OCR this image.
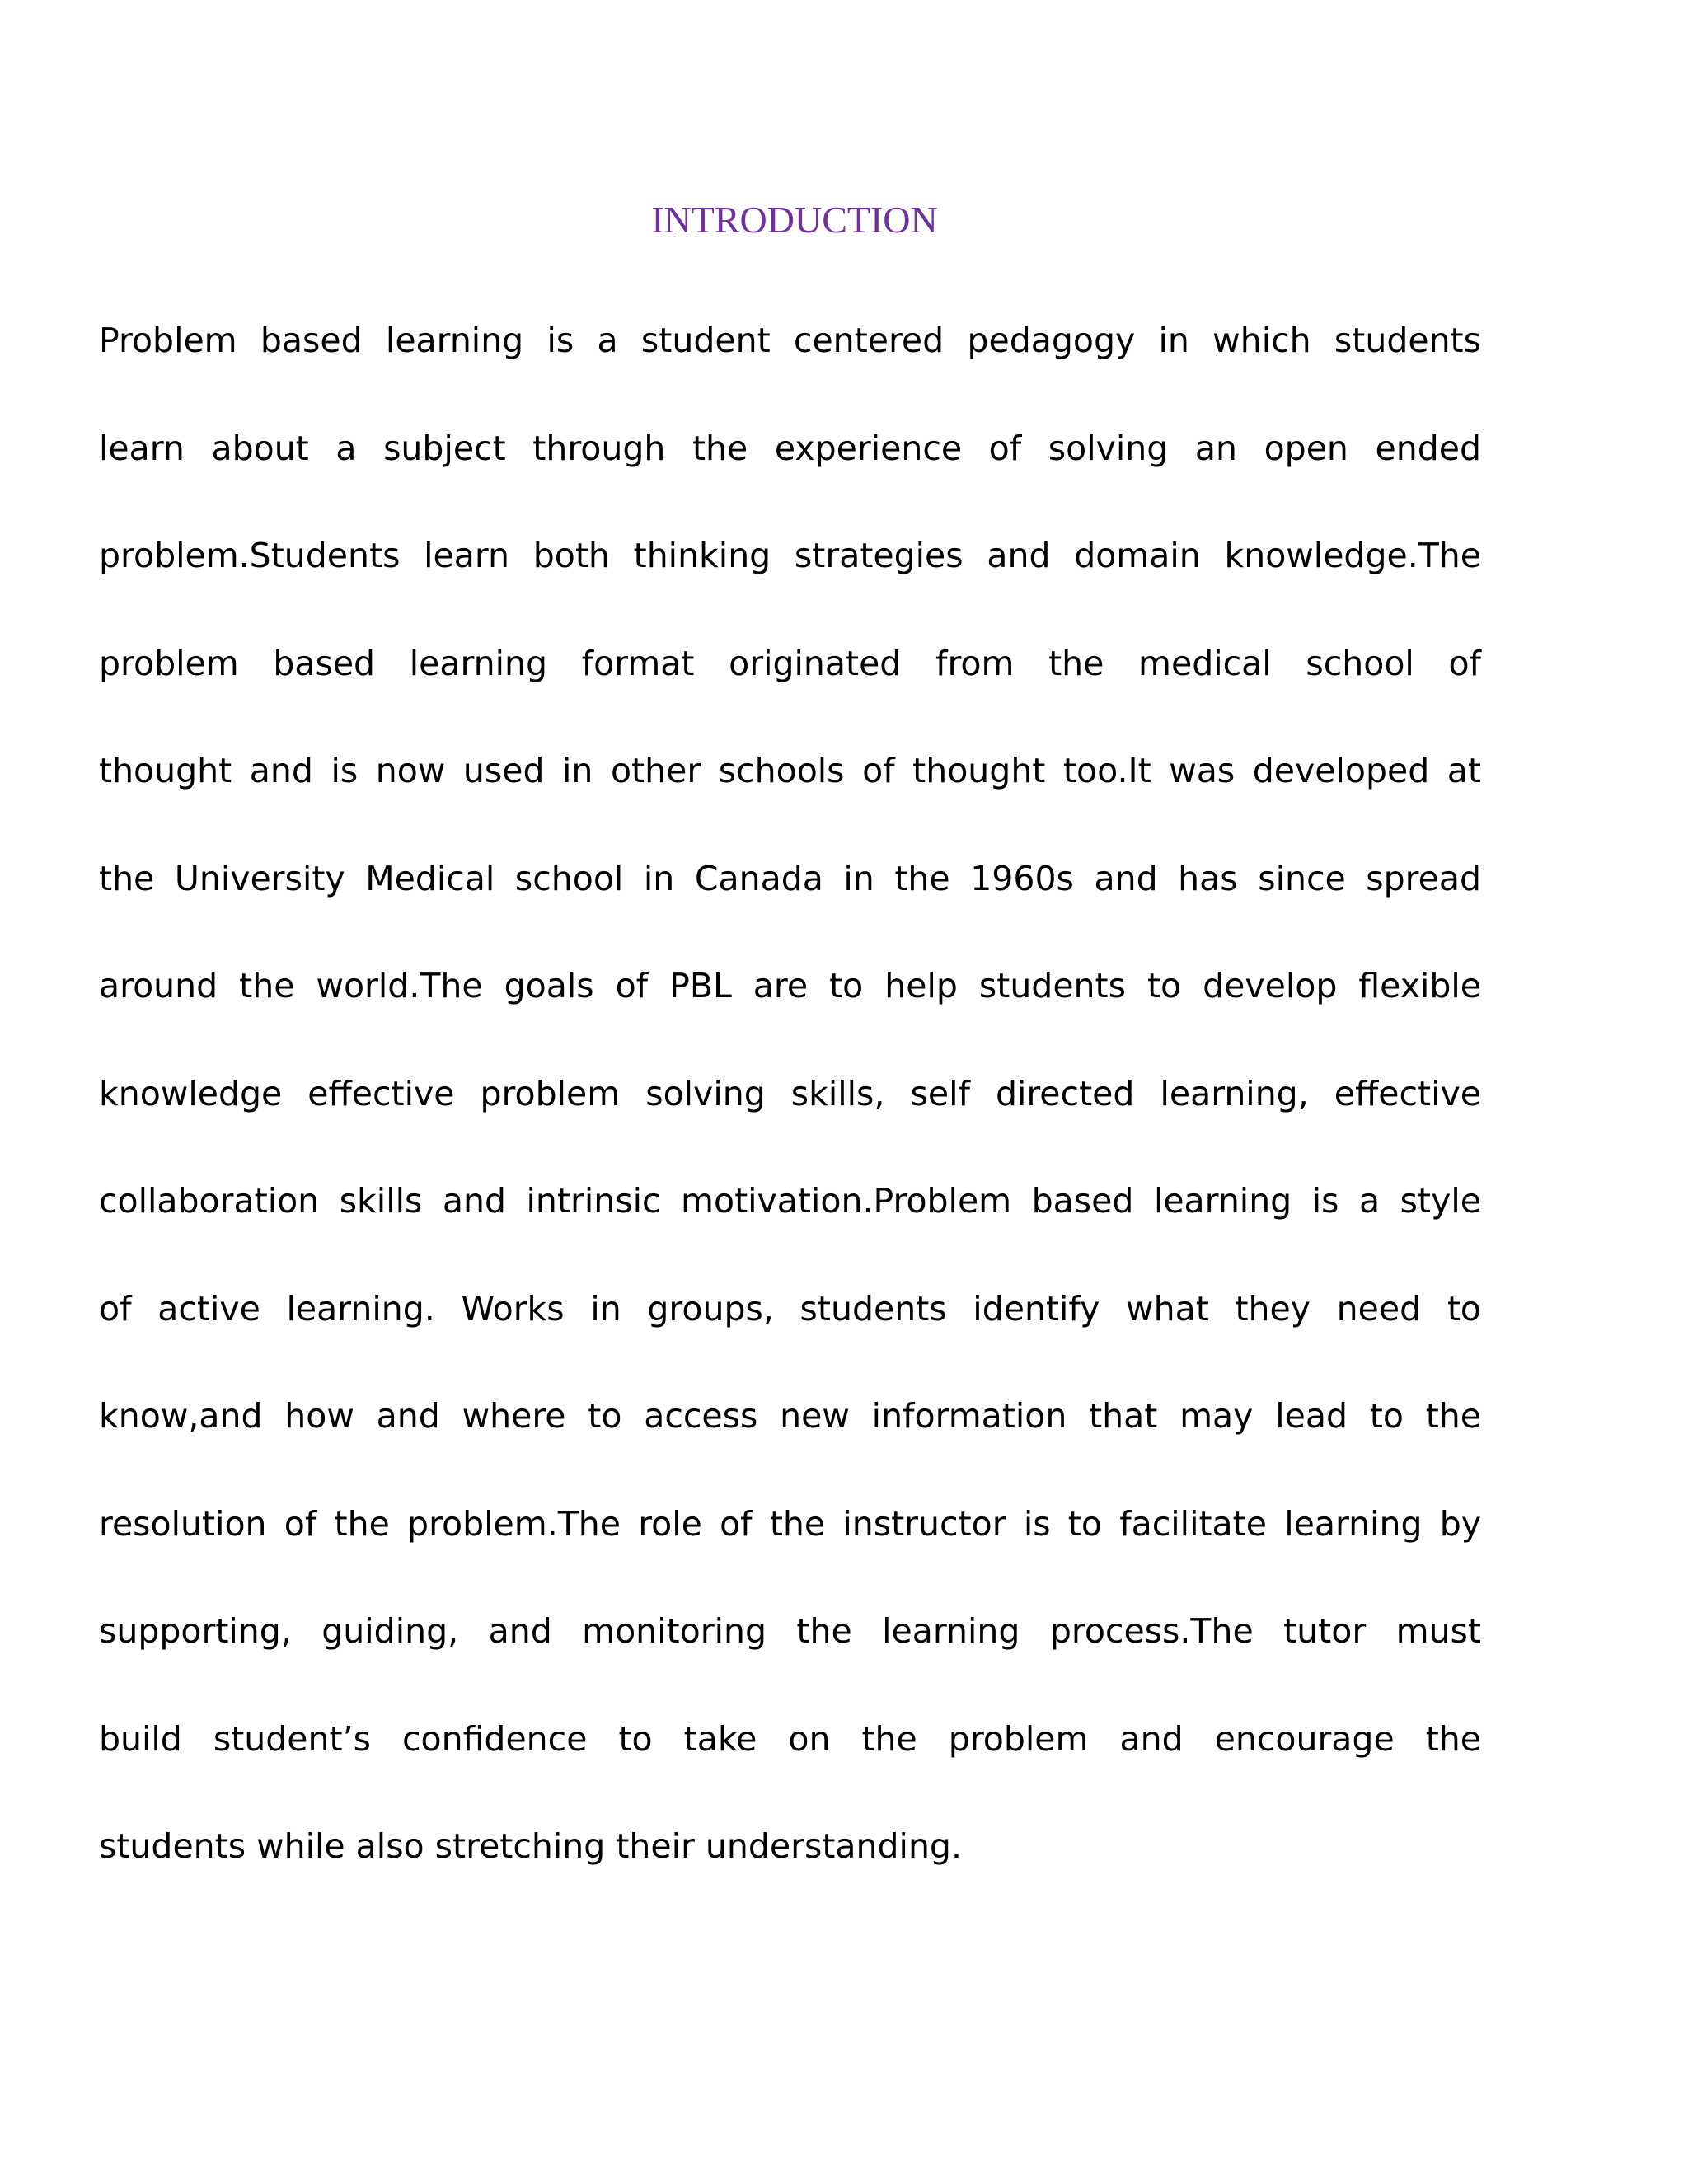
INTRODUCTION
Problem based learning is a student centered pedagogy in which students
learn about a subject through the experience of solving an open ended
problem.Students learn both thinking strategies and domain knowledge.The
problem based learning format originated from the medical school of
thought and is now used in other schools of thought too.It was developed at
the University Medical school in Canada in the 1960s and has since spread
around the world.The goals of PBL are to help students to develop flexible
knowledge effective problem solving skills, self directed learning, effective
collaboration skills and intrinsic motivation.Problem based learning is a style
of active learning. Works in groups, students identify what they need to
know,and how and where to access new information that may lead to the
resolution of the problem.The role of the instructor is to facilitate learning by
supporting, guiding, and monitoring the learning process.The tutor must
build student’s confidence to take on the problem and encourage the
students while also stretching their understanding.
